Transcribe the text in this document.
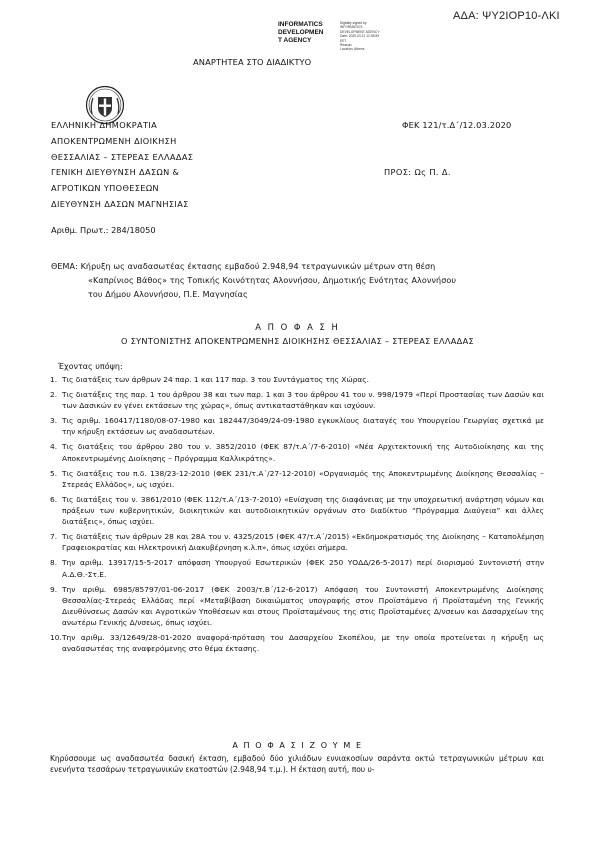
ΑΔΑ: ΨΥ2ΙΟΡ10-ΛΚΙ
INFORMATICS
DEVELOPMEN
T AGENCY
Digitally signed by
INFORMATICS
DEVELOPMENT AGENCY
Date: 2020.03.12 12:38:59
EET
Reason:
Location: Athens
ΑΝΑΡΤΗΤΕΑ ΣΤΟ ΔΙΑΔΙΚΤΥΟ
ΕΛΛΗΝΙΚΗ ΔΗΜΟΚΡΑΤΙΑ
ΑΠΟΚΕΝΤΡΩΜΕΝΗ ΔΙΟΙΚΗΣΗ
ΘΕΣΣΑΛΙΑΣ – ΣΤΕΡΕΑΣ ΕΛΛΑΔΑΣ
ΓΕΝΙΚΗ ΔΙΕΥΘΥΝΣΗ ΔΑΣΩΝ &
ΑΓΡΟΤΙΚΩΝ ΥΠΟΘΕΣΕΩΝ
ΔΙΕΥΘΥΝΣΗ ΔΑΣΩΝ ΜΑΓΝΗΣΙΑΣ
ΦΕΚ 121/τ.Δ΄/12.03.2020
ΠΡΟΣ: Ως Π. Δ.
Αριθμ. Πρωτ.: 284/18050
ΘΕΜΑ: Κήρυξη ως αναδασωτέας έκτασης εμβαδού 2.948,94 τετραγωνικών μέτρων στη θέση
«Καπρίνιος Βάθος» της Τοπικής Κοινότητας Αλοννήσου, Δημοτικής Ενότητας Αλοννήσου
του Δήμου Αλοννήσου, Π.Ε. Μαγνησίας
Α Π Ο Φ Α Σ Η
Ο ΣΥΝΤΟΝΙΣΤΗΣ ΑΠΟΚΕΝΤΡΩΜΕΝΗΣ ΔΙΟΙΚΗΣΗΣ ΘΕΣΣΑΛΙΑΣ – ΣΤΕΡΕΑΣ ΕΛΛΑΔΑΣ
Έχοντας υπόψη:
1. Τις διατάξεις των άρθρων 24 παρ. 1 και 117 παρ. 3 του Συντάγματος της Χώρας.
2. Τις διατάξεις της παρ. 1 του άρθρου 38 και των παρ. 1 και 3 του άρθρου 41 του ν. 998/1979 «Περί Προστασίας των Δασών και των Δασικών εν γένει εκτάσεων της χώρας», όπως αντικαταστάθηκαν και ισχύουν.
3. Τις αριθμ. 160417/1180/08-07-1980 και 182447/3049/24-09-1980 εγκυκλίους διαταγές του Υπουργείου Γεωργίας σχετικά με την κήρυξη εκτάσεων ως αναδασωτέων.
4. Τις διατάξεις του άρθρου 280 του ν. 3852/2010 (ΦΕΚ 87/τ.Α΄/7-6-2010) «Νέα Αρχιτεκτονική της Αυτοδιοίκησης και της Αποκεντρωμένης Διοίκησης – Πρόγραμμα Καλλικράτης».
5. Τις διατάξεις του π.δ. 138/23-12-2010 (ΦΕΚ 231/τ.Α΄/27-12-2010) «Οργανισμός της Αποκεντρωμένης Διοίκησης Θεσσαλίας – Στερεάς Ελλάδος», ως ισχύει.
6. Τις διατάξεις του ν. 3861/2010 (ΦΕΚ 112/τ.Α΄/13-7-2010) «Ενίσχυση της διαφάνειας με την υποχρεωτική ανάρτηση νόμων και πράξεων των κυβερνητικών, διοικητικών και αυτοδιοικητικών οργάνων στο διαδίκτυο “Πρόγραμμα Διαύγεια” και άλλες διατάξεις», όπως ισχύει.
7. Τις διατάξεις των άρθρων 28 και 28Α του ν. 4325/2015 (ΦΕΚ 47/τ.Α΄/2015) «Εκδημοκρατισμός της Διοίκησης – Καταπολέμηση Γραφειοκρατίας και Ηλεκτρονική Διακυβέρνηση κ.λ.π», όπως ισχύει σήμερα.
8. Την αριθμ. 13917/15-5-2017 απόφαση Υπουργού Εσωτερικών (ΦΕΚ 250 ΥΟΔΔ/26-5-2017) περί διορισμού Συντονιστή στην Α.Δ.Θ.-Στ.Ε.
9. Την αριθμ. 6985/85797/01-06-2017 (ΦΕΚ 2003/τ.Β΄/12-6-2017) Απόφαση του Συντονιστή Αποκεντρωμένης Διοίκησης Θεσσαλίας-Στερεάς Ελλάδας περί «Μεταβίβαση δικαιώματος υπογραφής στον Προϊστάμενο ή Προϊσταμένη της Γενικής Διευθύνσεως Δασών και Αγροτικών Υποθέσεων και στους Προϊσταμένους της στις Προϊσταμένες Δ/νσεων και Δασαρχείων της ανωτέρω Γενικής Δ/νσεως, όπως ισχύει.
10. Την αριθμ. 33/12649/28-01-2020 αναφορά-πρόταση του Δασαρχείου Σκοπέλου, με την οποία προτείνεται η κήρυξη ως αναδασωτέας της αναφερόμενης στο θέμα έκτασης.
Α Π Ο Φ Α Σ Ι Ζ Ο Υ Μ Ε
Κηρύσσουμε ως αναδασωτέα δασική έκταση, εμβαδού δύο χιλιάδων εννιακοσίων σαράντα οκτώ τετραγωνικών μέτρων και ενενήντα τεσσάρων τετραγωνικών εκατοστών (2.948,94 τ.μ.). Η έκταση αυτή, που υ-
